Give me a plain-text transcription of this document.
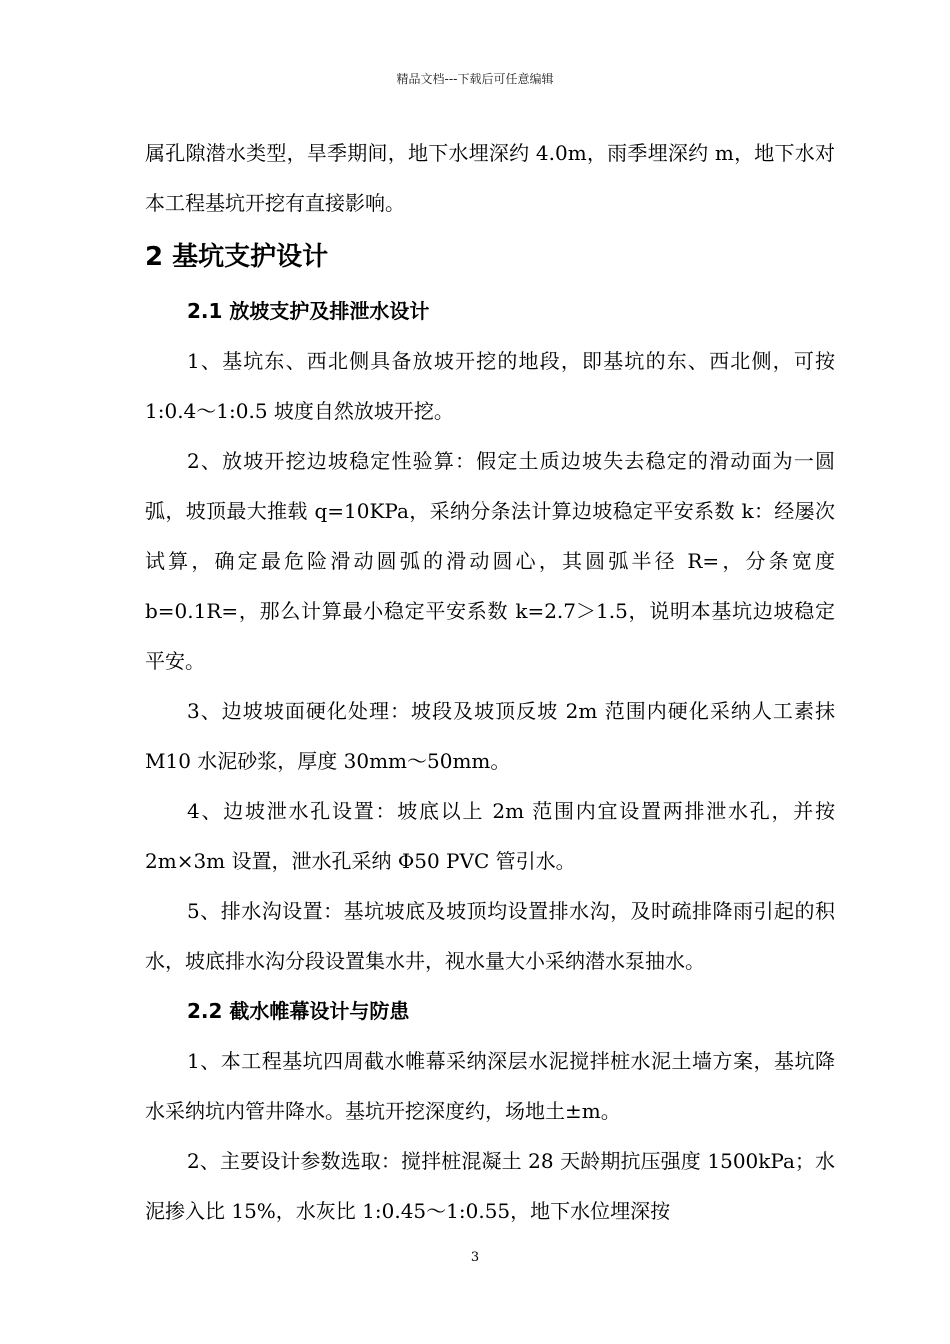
精品文档---下载后可任意编辑

属孔隙潜水类型，旱季期间，地下水埋深约 4.0m，雨季埋深约 m，地下水对本工程基坑开挖有直接影响。

2 基坑支护设计
2.1 放坡支护及排泄水设计

1、基坑东、西北侧具备放坡开挖的地段，即基坑的东、西北侧，可按 1:0.4～1:0.5 坡度自然放坡开挖。

2、放坡开挖边坡稳定性验算：假定土质边坡失去稳定的滑动面为一圆弧，坡顶最大推载 q=10KPa，采纳分条法计算边坡稳定平安系数 k：经屡次试算，确定最危险滑动圆弧的滑动圆心，其圆弧半径 R=，分条宽度 b=0.1R=，那么计算最小稳定平安系数 k=2.7＞1.5，说明本基坑边坡稳定平安。

3、边坡坡面硬化处理：坡段及坡顶反坡 2m 范围内硬化采纳人工素抹 M10 水泥砂浆，厚度 30mm～50mm。

4、边坡泄水孔设置：坡底以上 2m 范围内宜设置两排泄水孔，并按 2m×3m 设置，泄水孔采纳 Φ50 PVC 管引水。

5、排水沟设置：基坑坡底及坡顶均设置排水沟，及时疏排降雨引起的积水，坡底排水沟分段设置集水井，视水量大小采纳潜水泵抽水。

2.2 截水帷幕设计与防患

1、本工程基坑四周截水帷幕采纳深层水泥搅拌桩水泥土墙方案，基坑降水采纳坑内管井降水。基坑开挖深度约，场地土±m。

2、主要设计参数选取：搅拌桩混凝土 28 天龄期抗压强度 1500kPa；水泥掺入比 15%，水灰比 1:0.45～1:0.55，地下水位埋深按

3
